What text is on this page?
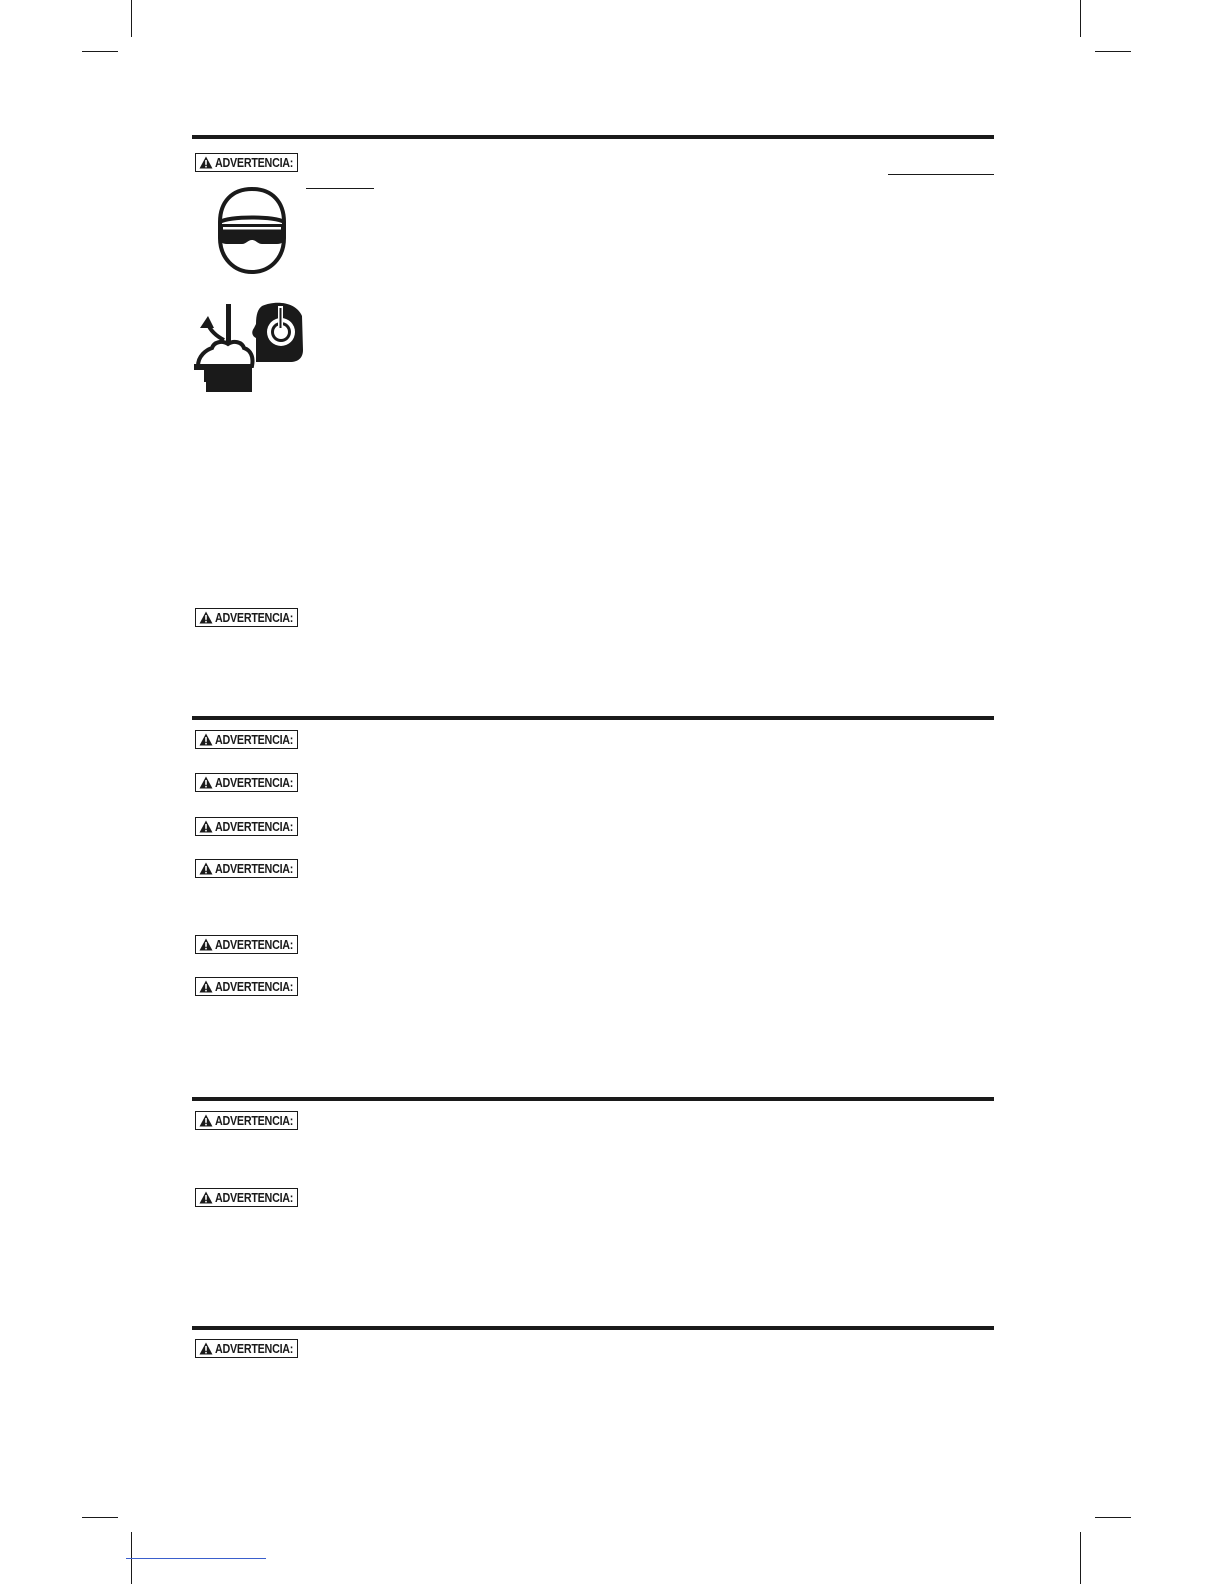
ADVERTENCIA:
ADVERTENCIA:
ADVERTENCIA:
ADVERTENCIA:
ADVERTENCIA:
ADVERTENCIA:
ADVERTENCIA:
ADVERTENCIA:
ADVERTENCIA:
ADVERTENCIA:
ADVERTENCIA:
